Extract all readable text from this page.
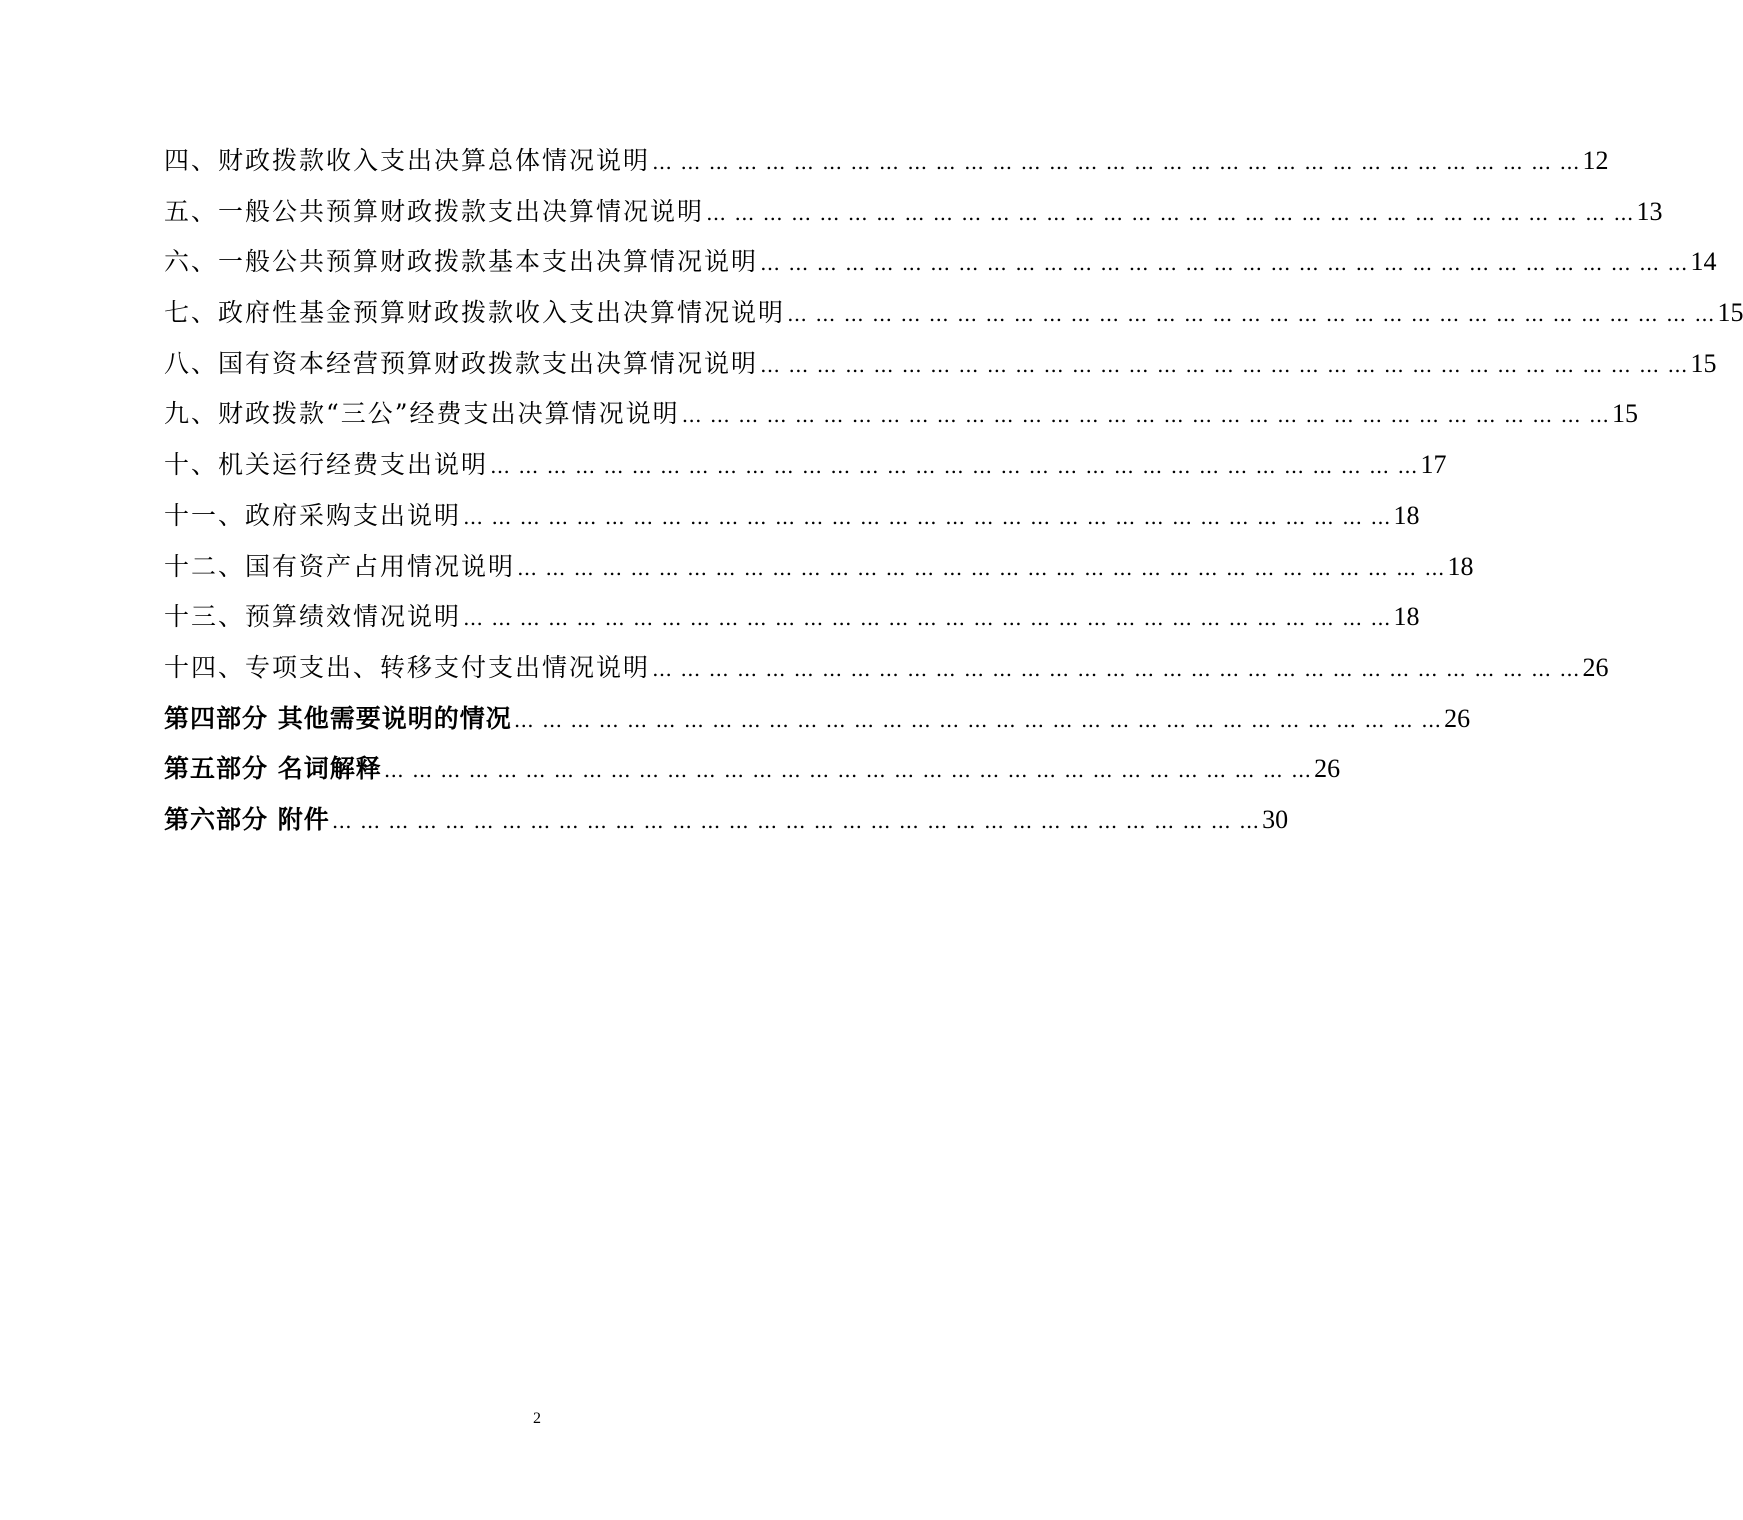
四、财政拨款收入支出决算总体情况说明 … … … … … … … … … … … … … … … … … … … … … … … … … … … … … … … … … 12
五、一般公共预算财政拨款支出决算情况说明 … … … … … … … … … … … … … … … … … … … … … … … … … … … … … … … … … 13
六、一般公共预算财政拨款基本支出决算情况说明 … … … … … … … … … … … … … … … … … … … … … … … … … … … … … … … … … 14
七、政府性基金预算财政拨款收入支出决算情况说明 … … … … … … … … … … … … … … … … … … … … … … … … … … … … … … … … … 15
八、国有资本经营预算财政拨款支出决算情况说明 … … … … … … … … … … … … … … … … … … … … … … … … … … … … … … … … … 15
九、财政拨款“三公”经费支出决算情况说明 … … … … … … … … … … … … … … … … … … … … … … … … … … … … … … … … … 15
十、机关运行经费支出说明 … … … … … … … … … … … … … … … … … … … … … … … … … … … … … … … … … 17
十一、政府采购支出说明 … … … … … … … … … … … … … … … … … … … … … … … … … … … … … … … … … 18
十二、国有资产占用情况说明 … … … … … … … … … … … … … … … … … … … … … … … … … … … … … … … … … 18
十三、预算绩效情况说明 … … … … … … … … … … … … … … … … … … … … … … … … … … … … … … … … … 18
十四、专项支出、转移支付支出情况说明 … … … … … … … … … … … … … … … … … … … … … … … … … … … … … … … … … 26
第四部分 其他需要说明的情况 … … … … … … … … … … … … … … … … … … … … … … … … … … … … … … … … … 26
第五部分 名词解释 … … … … … … … … … … … … … … … … … … … … … … … … … … … … … … … … … 26
第六部分 附件 … … … … … … … … … … … … … … … … … … … … … … … … … … … … … … … … … 30
2
